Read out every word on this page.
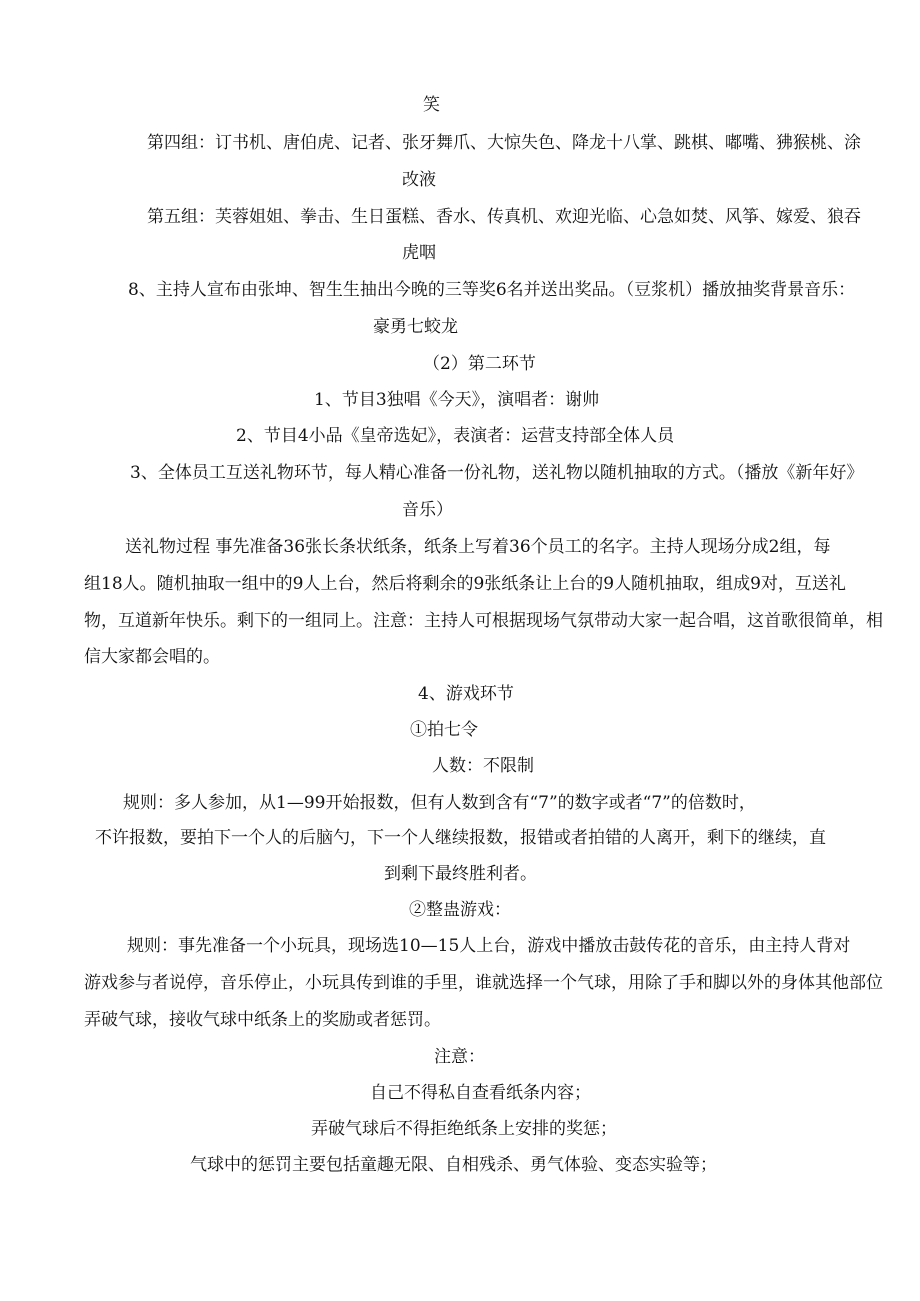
笑
第四组：订书机、唐伯虎、记者、张牙舞爪、大惊失色、降龙十八掌、跳棋、嘟嘴、狒猴桃、涂
改液
第五组：芙蓉姐姐、拳击、生日蛋糕、香水、传真机、欢迎光临、心急如焚、风筝、嫁爱、狼吞
虎咽
8、主持人宣布由张坤、智生生抽出今晚的三等奖6名并送出奖品。（豆浆机）播放抽奖背景音乐：
豪勇七蛟龙
（2）第二环节
1、节目3独唱《今天》，演唱者：谢帅
2、节目4小品《皇帝选妃》，表演者：运营支持部全体人员
3、全体员工互送礼物环节，每人精心准备一份礼物，送礼物以随机抽取的方式。（播放《新年好》
音乐）
送礼物过程 事先准备36张长条状纸条，纸条上写着36个员工的名字。主持人现场分成2组，每
组18人。随机抽取一组中的9人上台，然后将剩余的9张纸条让上台的9人随机抽取，组成9对，互送礼
物，互道新年快乐。剩下的一组同上。注意：主持人可根据现场气氛带动大家一起合唱，这首歌很简单，相
信大家都会唱的。
4、游戏环节
①拍七令
人数：不限制
规则：多人参加，从1—99开始报数，但有人数到含有“7”的数字或者“7”的倍数时，
不许报数，要拍下一个人的后脑勺，下一个人继续报数，报错或者拍错的人离开，剩下的继续，直
到剩下最终胜利者。
②整蛊游戏：
规则：事先准备一个小玩具，现场选10—15人上台，游戏中播放击鼓传花的音乐，由主持人背对
游戏参与者说停，音乐停止，小玩具传到谁的手里，谁就选择一个气球，用除了手和脚以外的身体其他部位
弄破气球，接收气球中纸条上的奖励或者惩罚。
注意：
自己不得私自查看纸条内容；
弄破气球后不得拒绝纸条上安排的奖惩；
气球中的惩罚主要包括童趣无限、自相残杀、勇气体验、变态实验等；
